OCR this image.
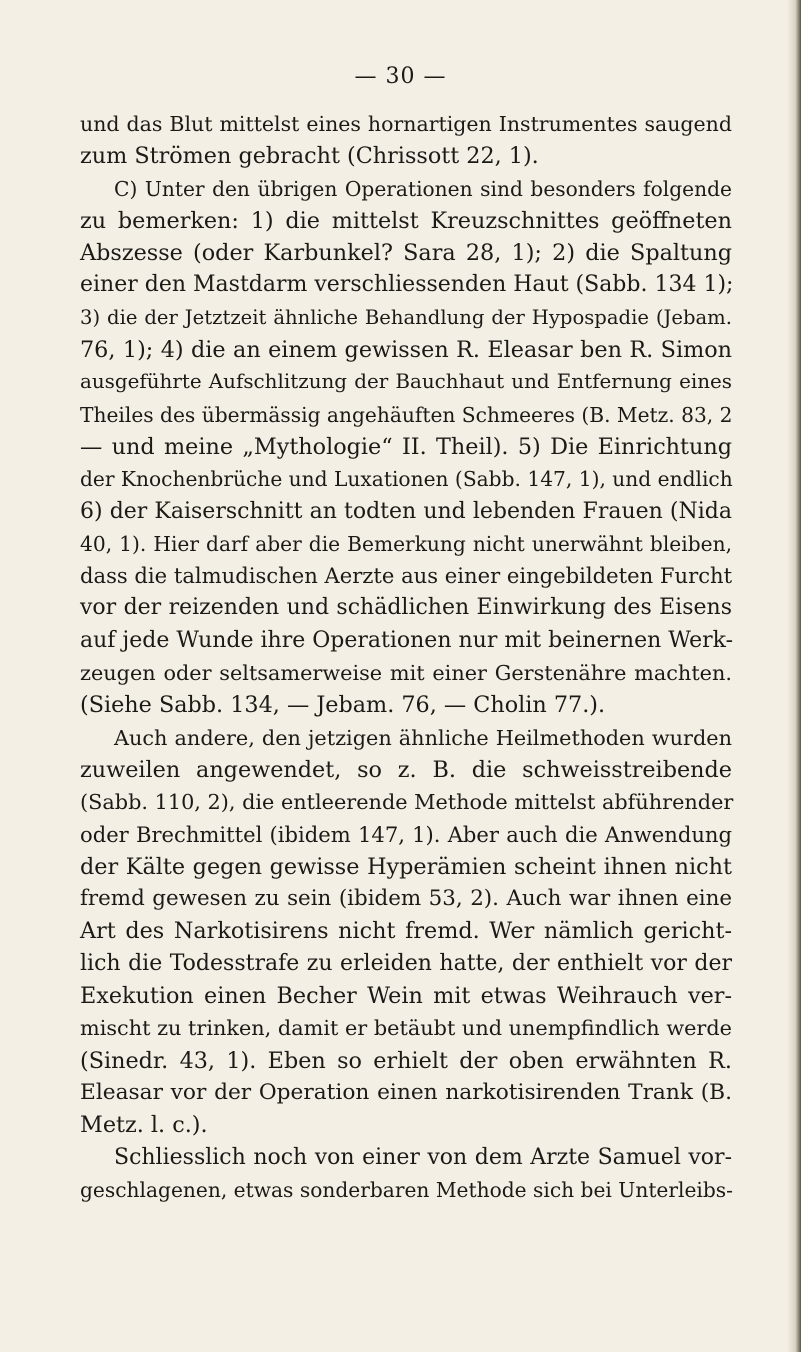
— 30 —
und das Blut mittelst eines hornartigen Instrumentes saugend
zum Strömen gebracht (Chrissott 22, 1).
C) Unter den übrigen Operationen sind besonders folgende
zu bemerken: 1) die mittelst Kreuzschnittes geöffneten
Abszesse (oder Karbunkel? Sara 28, 1); 2) die Spaltung
einer den Mastdarm verschliessenden Haut (Sabb. 134 1);
3) die der Jetztzeit ähnliche Behandlung der Hypospadie (Jebam.
76, 1); 4) die an einem gewissen R. Eleasar ben R. Simon
ausgeführte Aufschlitzung der Bauchhaut und Entfernung eines
Theiles des übermässig angehäuften Schmeeres (B. Metz. 83, 2
— und meine „Mythologie“ II. Theil). 5) Die Einrichtung
der Knochenbrüche und Luxationen (Sabb. 147, 1), und endlich
6) der Kaiserschnitt an todten und lebenden Frauen (Nida
40, 1). Hier darf aber die Bemerkung nicht unerwähnt bleiben,
dass die talmudischen Aerzte aus einer eingebildeten Furcht
vor der reizenden und schädlichen Einwirkung des Eisens
auf jede Wunde ihre Operationen nur mit beinernen Werk-
zeugen oder seltsamerweise mit einer Gerstenähre machten.
(Siehe Sabb. 134, — Jebam. 76, — Cholin 77.).
Auch andere, den jetzigen ähnliche Heilmethoden wurden
zuweilen angewendet, so z. B. die schweisstreibende
(Sabb. 110, 2), die entleerende Methode mittelst abführender
oder Brechmittel (ibidem 147, 1). Aber auch die Anwendung
der Kälte gegen gewisse Hyperämien scheint ihnen nicht
fremd gewesen zu sein (ibidem 53, 2). Auch war ihnen eine
Art des Narkotisirens nicht fremd. Wer nämlich gericht-
lich die Todesstrafe zu erleiden hatte, der enthielt vor der
Exekution einen Becher Wein mit etwas Weihrauch ver-
mischt zu trinken, damit er betäubt und unempfindlich werde
(Sinedr. 43, 1). Eben so erhielt der oben erwähnten R.
Eleasar vor der Operation einen narkotisirenden Trank (B.
Metz. l. c.).
Schliesslich noch von einer von dem Arzte Samuel vor-
geschlagenen, etwas sonderbaren Methode sich bei Unterleibs-
